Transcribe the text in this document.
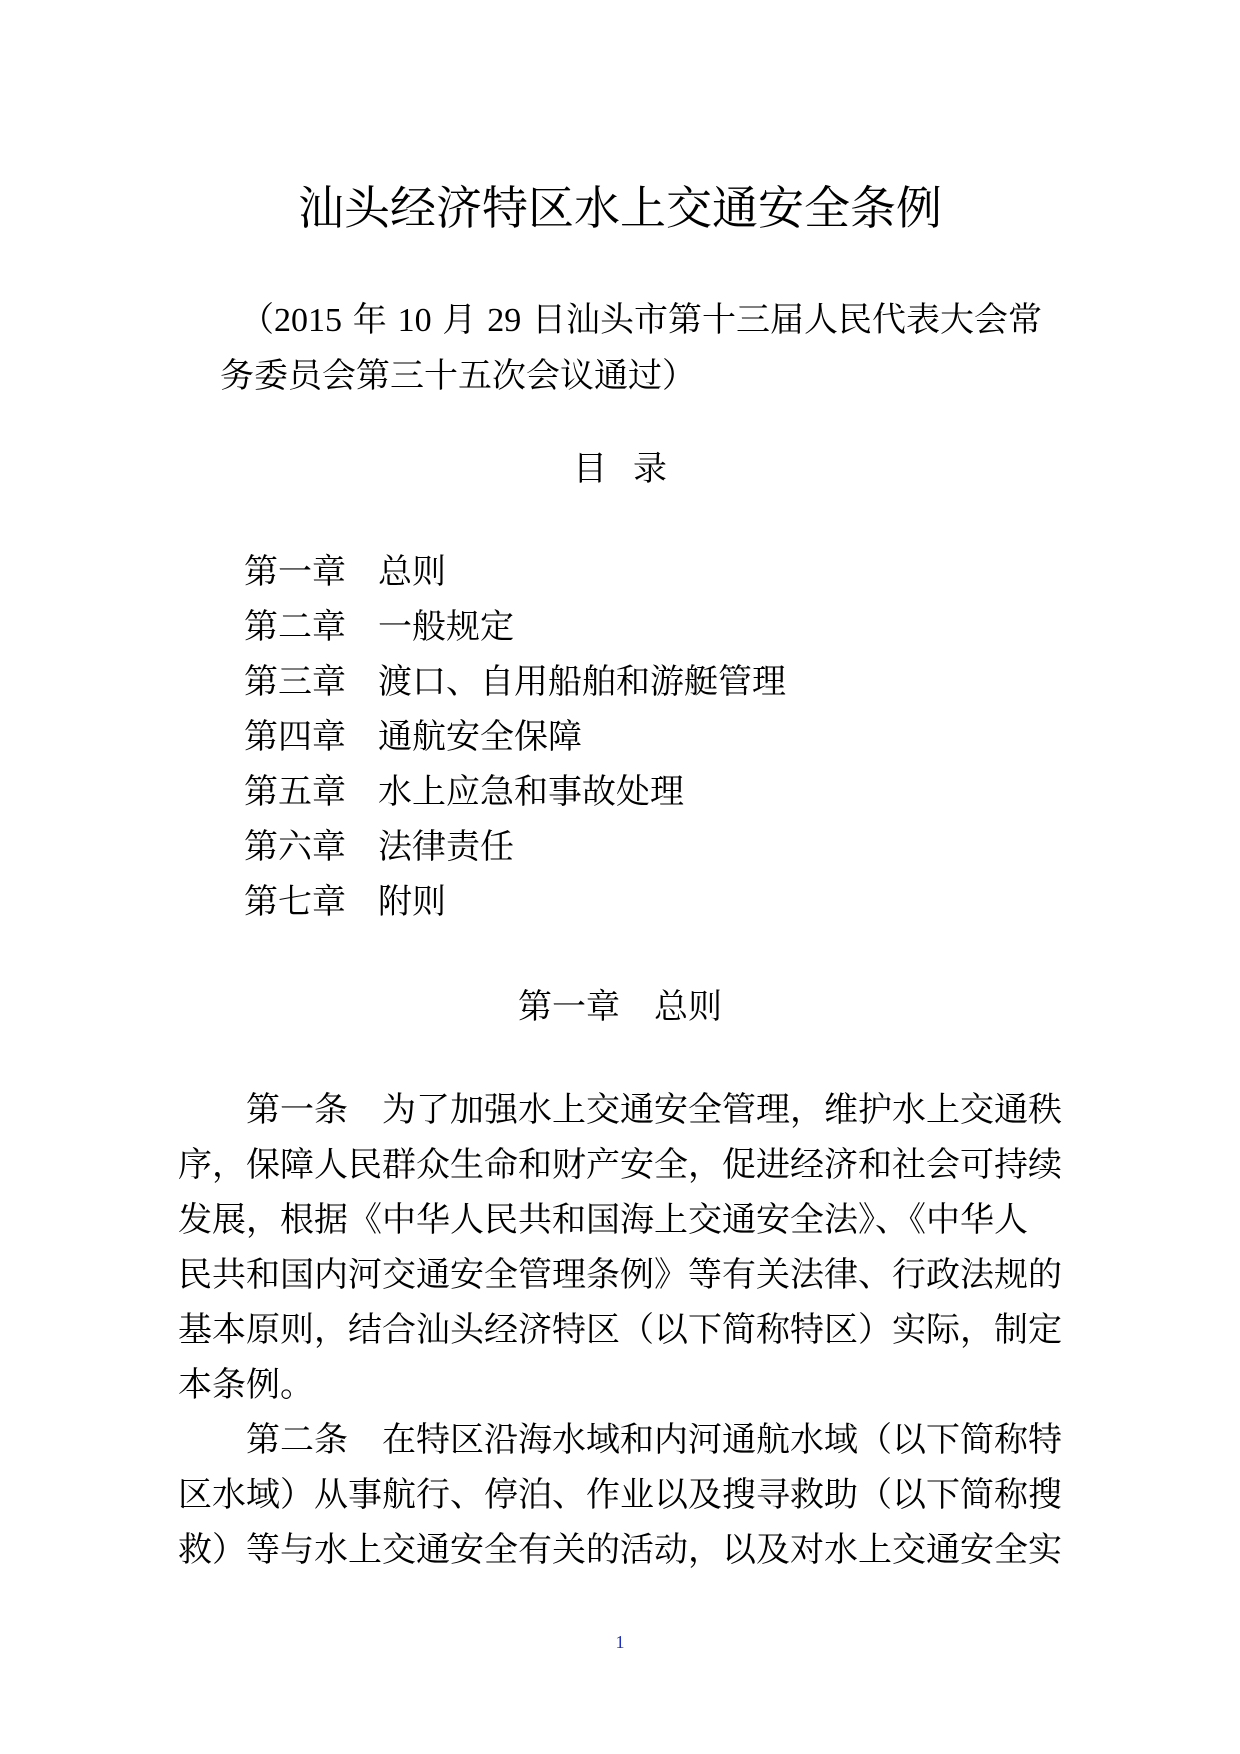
汕头经济特区水上交通安全条例
（2015 年 10 月 29 日汕头市第十三届人民代表大会常
务委员会第三十五次会议通过）
目录
第一章 总则
第二章 一般规定
第三章 渡口、自用船舶和游艇管理
第四章 通航安全保障
第五章 水上应急和事故处理
第六章 法律责任
第七章 附则
第一章 总则
第一条 为了加强水上交通安全管理，维护水上交通秩
序，保障人民群众生命和财产安全，促进经济和社会可持续
发展，根据《中华人民共和国海上交通安全法》、《中华人
民共和国内河交通安全管理条例》等有关法律、行政法规的
基本原则，结合汕头经济特区（以下简称特区）实际，制定
本条例。
第二条 在特区沿海水域和内河通航水域（以下简称特
区水域）从事航行、停泊、作业以及搜寻救助（以下简称搜
救）等与水上交通安全有关的活动，以及对水上交通安全实
1
